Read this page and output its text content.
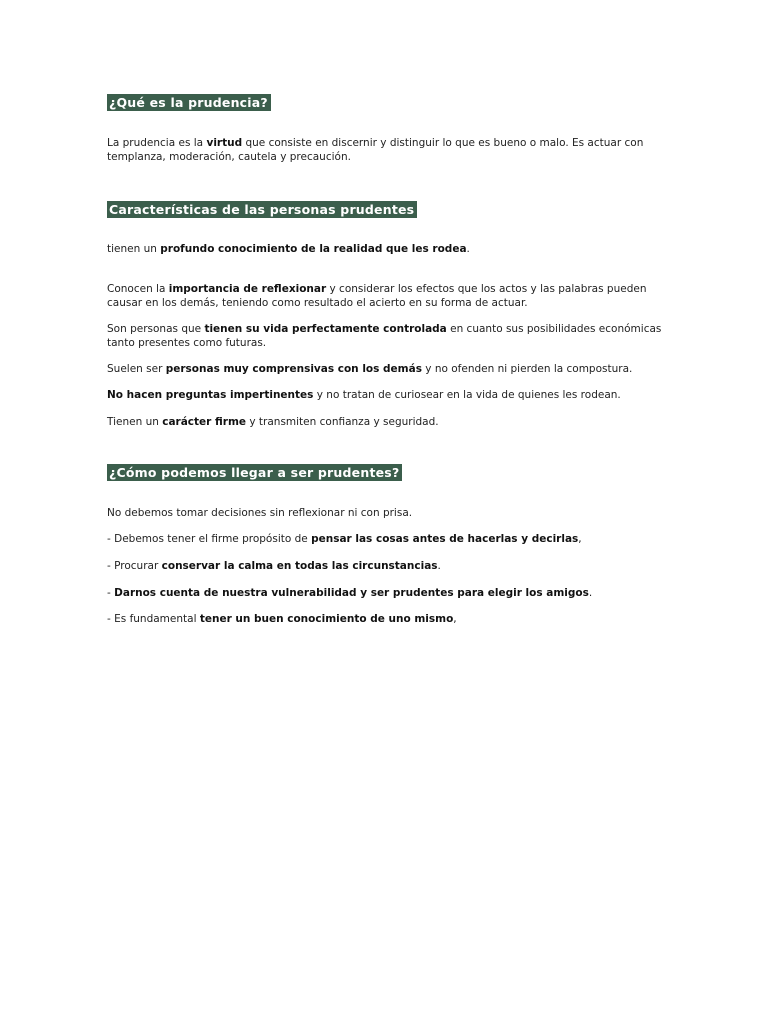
¿Qué es la prudencia?
La prudencia es la virtud que consiste en discernir y distinguir lo que es bueno o malo. Es actuar con templanza, moderación, cautela y precaución.
Características de las personas prudentes
tienen un profundo conocimiento de la realidad que les rodea.
Conocen la importancia de reflexionar y considerar los efectos que los actos y las palabras pueden causar en los demás, teniendo como resultado el acierto en su forma de actuar.
Son personas que tienen su vida perfectamente controlada en cuanto sus posibilidades económicas tanto presentes como futuras.
Suelen ser personas muy comprensivas con los demás y no ofenden ni pierden la compostura.
No hacen preguntas impertinentes y no tratan de curiosear en la vida de quienes les rodean.
Tienen un carácter firme y transmiten confianza y seguridad.
¿Cómo podemos llegar a ser prudentes?
No debemos tomar decisiones sin reflexionar ni con prisa.
- Debemos tener el firme propósito de pensar las cosas antes de hacerlas y decirlas,
- Procurar conservar la calma en todas las circunstancias.
- Darnos cuenta de nuestra vulnerabilidad y ser prudentes para elegir los amigos.
- Es fundamental tener un buen conocimiento de uno mismo,
